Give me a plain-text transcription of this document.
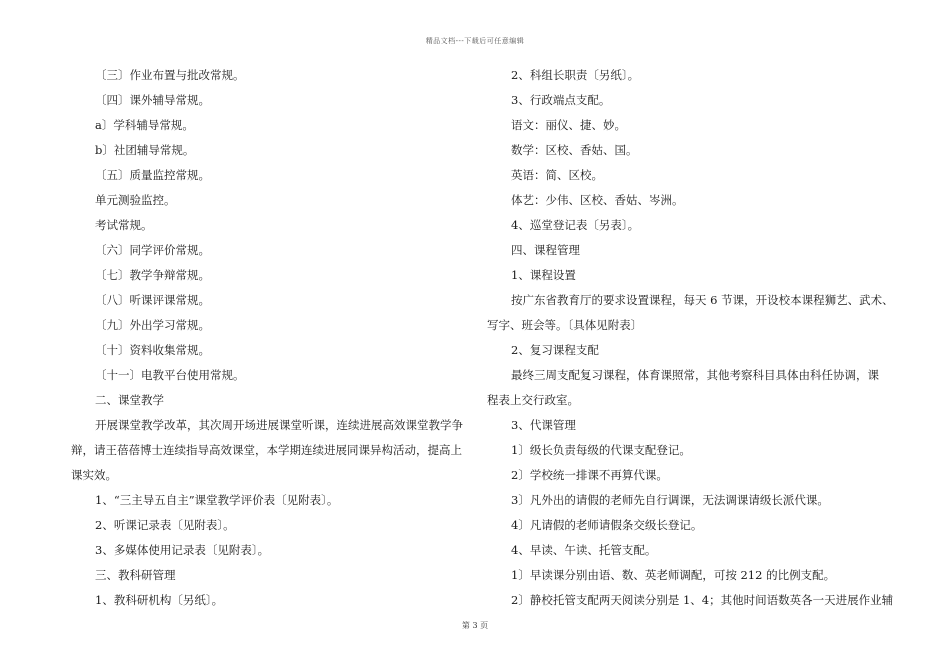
精品文档---下载后可任意编辑

〔三〕作业布置与批改常规。

〔四〕课外辅导常规。

a〕学科辅导常规。

b〕社团辅导常规。

〔五〕质量监控常规。

单元测验监控。

考试常规。

〔六〕同学评价常规。

〔七〕教学争辩常规。

〔八〕听课评课常规。

〔九〕外出学习常规。

〔十〕资料收集常规。

〔十一〕电教平台使用常规。

二、课堂教学

开展课堂教学改革，其次周开场进展课堂听课，连续进展高效课堂教学争

辩，请王蓓蓓博士连续指导高效课堂，本学期连续进展同课异构活动，提高上

课实效。

1、“三主导五自主”课堂教学评价表〔见附表〕。

2、听课记录表〔见附表〕。

3、多媒体使用记录表〔见附表〕。

三、教科研管理

1、教科研机构〔另纸〕。

2、科组长职责〔另纸〕。

3、行政端点支配。

语文：丽仪、捷、妙。

数学：区校、香姑、国。

英语：简、区校。

体艺：少伟、区校、香姑、岑洲。

4、巡堂登记表〔另表〕。

四、课程管理

1、课程设置

按广东省教育厅的要求设置课程，每天 6 节课，开设校本课程狮艺、武术、

写字、班会等。〔具体见附表〕

2、复习课程支配

最终三周支配复习课程，体育课照常，其他考察科目具体由科任协调，课

程表上交行政室。

3、代课管理

1〕级长负责每级的代课支配登记。

2〕学校统一排课不再算代课。

3〕凡外出的请假的老师先自行调课，无法调课请级长派代课。

4〕凡请假的老师请假条交级长登记。

4、早读、午读、托管支配。

1〕早读课分别由语、数、英老师调配，可按 212 的比例支配。

2〕静校托管支配两天阅读分别是 1、4；其他时间语数英各一天进展作业辅

第 3 页
